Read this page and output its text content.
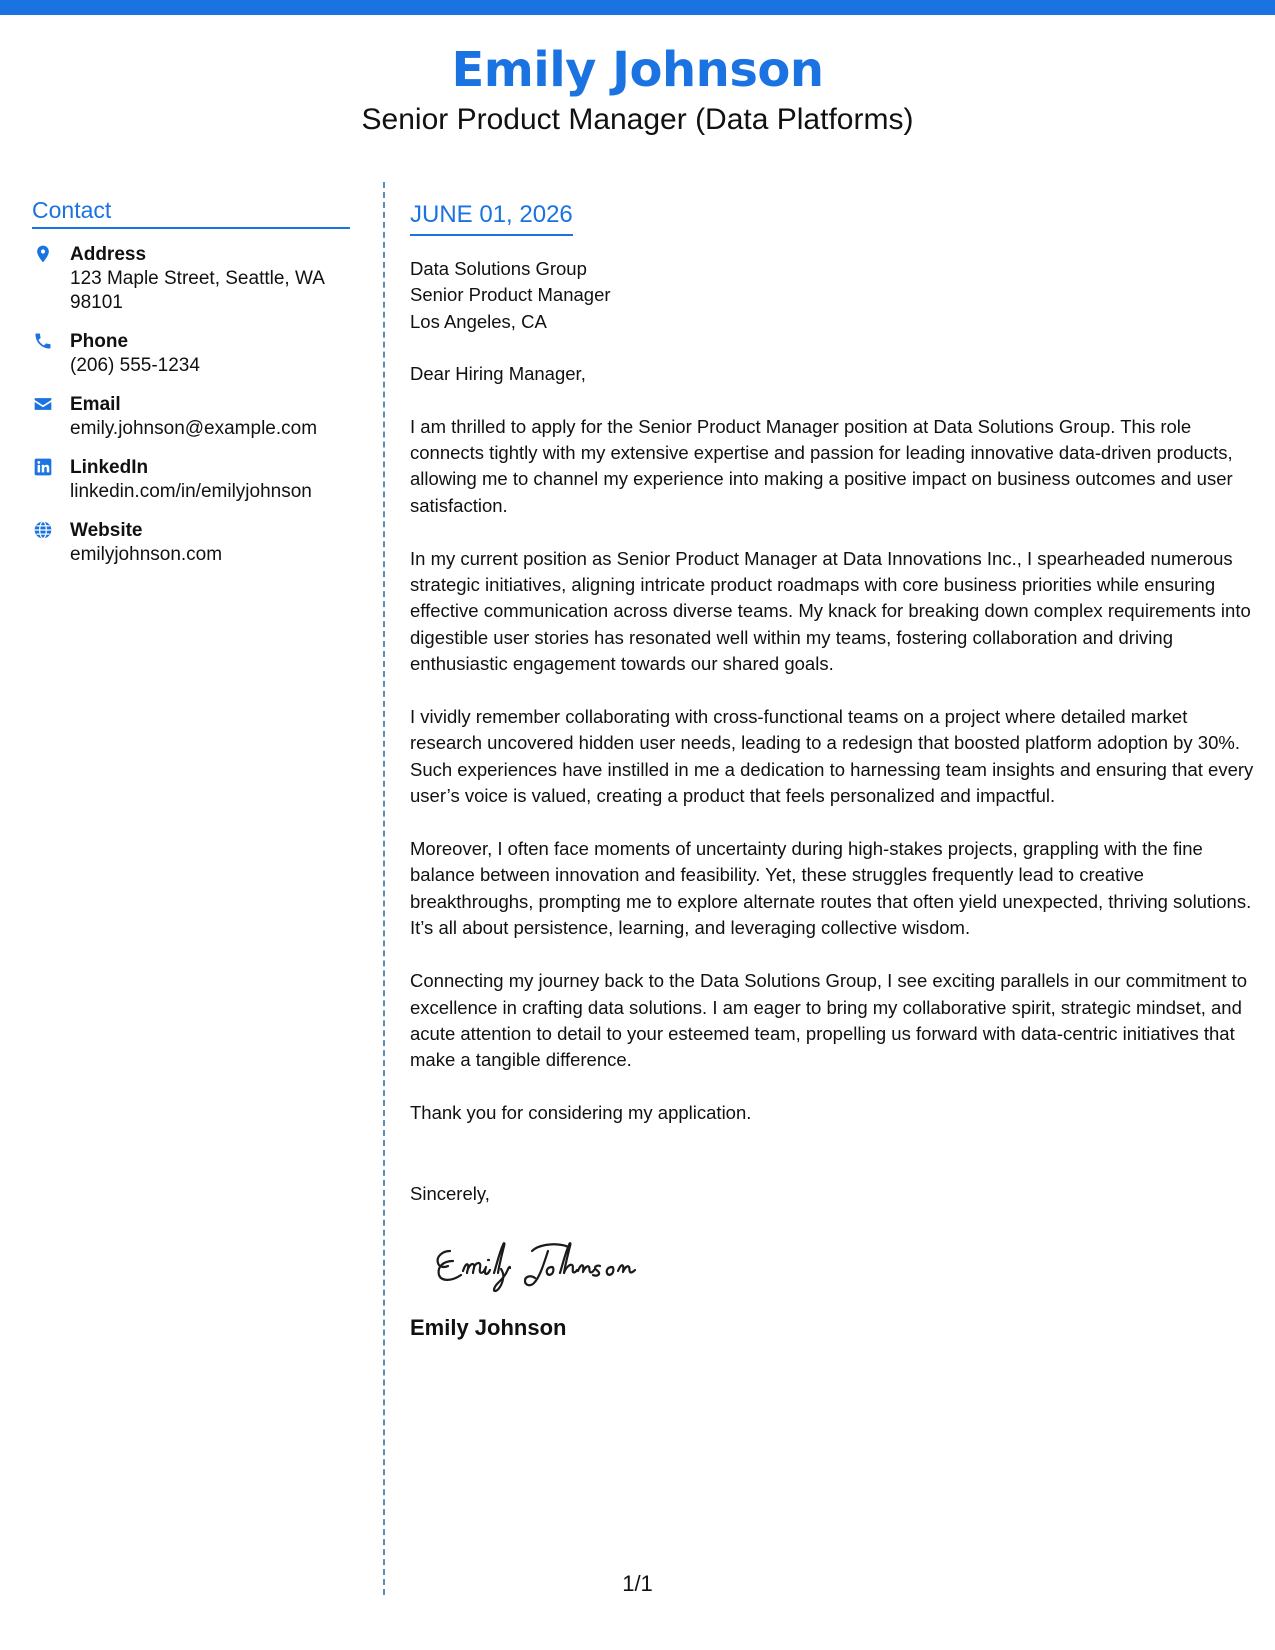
Emily Johnson
Senior Product Manager (Data Platforms)
Contact
Address
123 Maple Street, Seattle, WA 98101
Phone
(206) 555-1234
Email
emily.johnson@example.com
LinkedIn
linkedin.com/in/emilyjohnson
Website
emilyjohnson.com
JUNE 01, 2026

Data Solutions Group

Senior Product Manager

Los Angeles, CA

Dear Hiring Manager,

I am thrilled to apply for the Senior Product Manager position at Data Solutions Group. This role connects tightly with my extensive expertise and passion for leading innovative data-driven products, allowing me to channel my experience into making a positive impact on business outcomes and user satisfaction.

In my current position as Senior Product Manager at Data Innovations Inc., I spearheaded numerous strategic initiatives, aligning intricate product roadmaps with core business priorities while ensuring effective communication across diverse teams. My knack for breaking down complex requirements into digestible user stories has resonated well within my teams, fostering collaboration and driving enthusiastic engagement towards our shared goals.

I vividly remember collaborating with cross-functional teams on a project where detailed market research uncovered hidden user needs, leading to a redesign that boosted platform adoption by 30%. Such experiences have instilled in me a dedication to harnessing team insights and ensuring that every user’s voice is valued, creating a product that feels personalized and impactful.

Moreover, I often face moments of uncertainty during high-stakes projects, grappling with the fine balance between innovation and feasibility. Yet, these struggles frequently lead to creative breakthroughs, prompting me to explore alternate routes that often yield unexpected, thriving solutions. It’s all about persistence, learning, and leveraging collective wisdom.

Connecting my journey back to the Data Solutions Group, I see exciting parallels in our commitment to excellence in crafting data solutions. I am eager to bring my collaborative spirit, strategic mindset, and acute attention to detail to your esteemed team, propelling us forward with data-centric initiatives that make a tangible difference.

Thank you for considering my application.

Sincerely,

Emily Johnson
1/1
